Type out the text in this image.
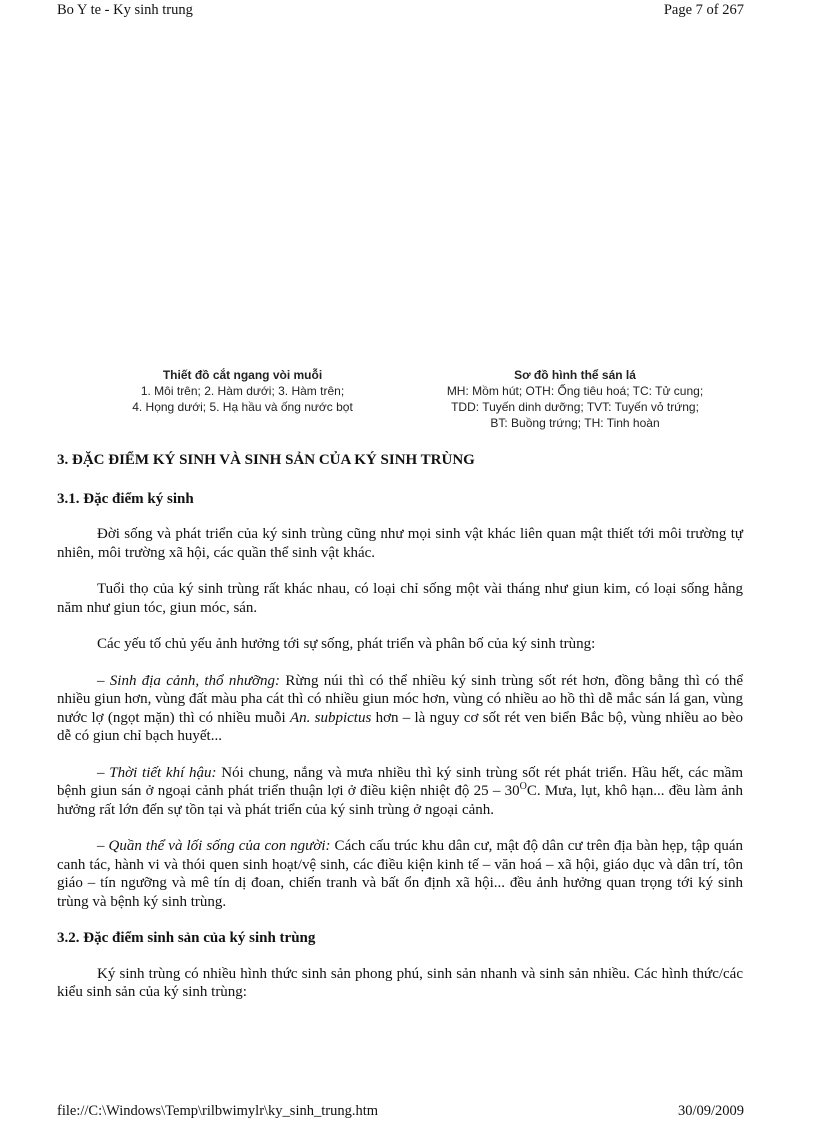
Bo Y te - Ky sinh trung	Page 7 of 267
Thiết đồ cắt ngang vòi muỗi
1. Môi trên; 2. Hàm dưới; 3. Hàm trên;
4. Họng dưới; 5. Hạ hầu và ống nước bọt
Sơ đồ hình thể sán lá
MH: Mồm hút; OTH: Ống tiêu hoá; TC: Tử cung;
TDD: Tuyến dinh dưỡng; TVT: Tuyến vỏ trứng;
BT: Buồng trứng; TH: Tinh hoàn
3. ĐẶC ĐIỂM KÝ SINH VÀ SINH SẢN CỦA KÝ SINH TRÙNG
3.1. Đặc điểm ký sinh

Đời sống và phát triển của ký sinh trùng cũng như mọi sinh vật khác liên quan mật thiết tới môi trường tự nhiên, môi trường xã hội, các quần thể sinh vật khác.

Tuổi thọ của ký sinh trùng rất khác nhau, có loại chỉ sống một vài tháng như giun kim, có loại sống hằng năm như giun tóc, giun móc, sán.

Các yếu tố chủ yếu ảnh hưởng tới sự sống, phát triển và phân bố của ký sinh trùng:

– Sinh địa cảnh, thổ nhưỡng: Rừng núi thì có thể nhiều ký sinh trùng sốt rét hơn, đồng bằng thì có thể nhiều giun hơn, vùng đất màu pha cát thì có nhiều giun móc hơn, vùng có nhiều ao hồ thì dễ mắc sán lá gan, vùng nước lợ (ngọt mặn) thì có nhiều muỗi An. subpictus hơn – là nguy cơ sốt rét ven biển Bắc bộ, vùng nhiều ao bèo dễ có giun chỉ bạch huyết...

– Thời tiết khí hậu: Nói chung, nắng và mưa nhiều thì ký sinh trùng sốt rét phát triển. Hầu hết, các mầm bệnh giun sán ở ngoại cảnh phát triển thuận lợi ở điều kiện nhiệt độ $25 - 30^OC$. Mưa, lụt, khô hạn... đều làm ảnh hưởng rất lớn đến sự tồn tại và phát triển của ký sinh trùng ở ngoại cảnh.

– Quần thể và lối sống của con người: Cách cấu trúc khu dân cư, mật độ dân cư trên địa bàn hẹp, tập quán canh tác, hành vi và thói quen sinh hoạt/vệ sinh, các điều kiện kinh tế – văn hoá – xã hội, giáo dục và dân trí, tôn giáo – tín ngưỡng và mê tín dị đoan, chiến tranh và bất ổn định xã hội... đều ảnh hưởng quan trọng tới ký sinh trùng và bệnh ký sinh trùng.

3.2. Đặc điểm sinh sản của ký sinh trùng

Ký sinh trùng có nhiều hình thức sinh sản phong phú, sinh sản nhanh và sinh sản nhiều. Các hình thức/các kiểu sinh sản của ký sinh trùng:

file://C:\Windows\Temp\rilbwimylr\ky_sinh_trung.htm	30/09/2009
